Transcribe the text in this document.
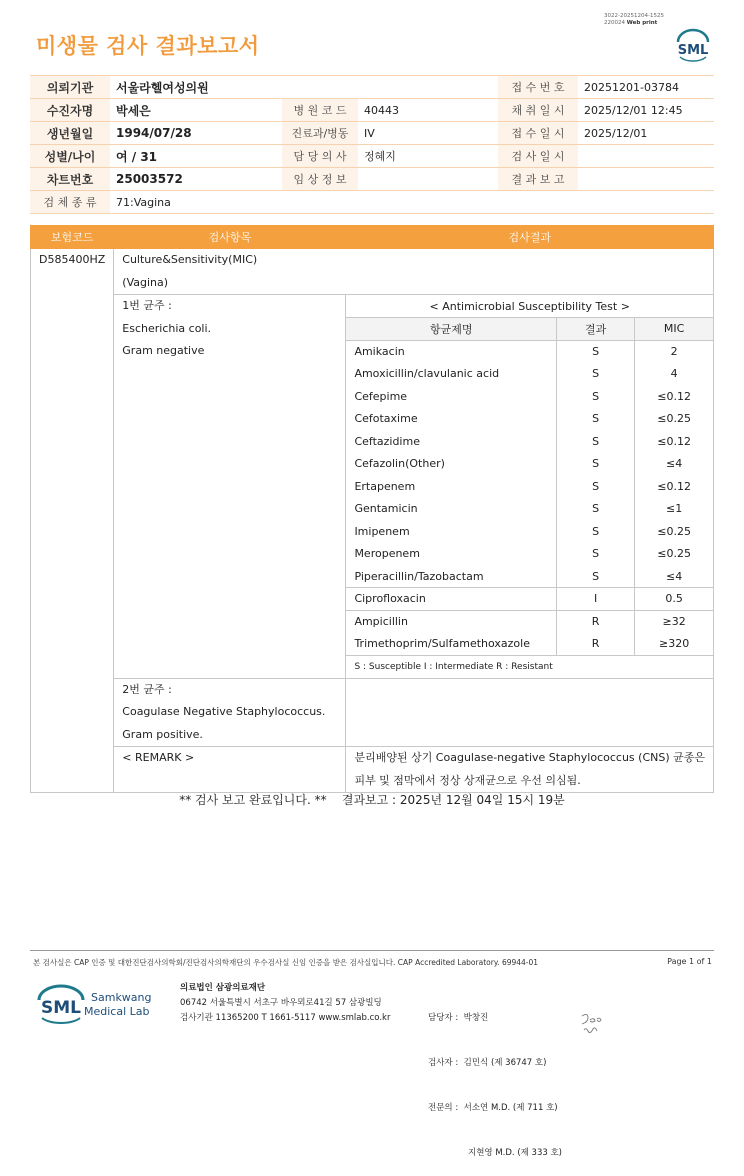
미생물 검사 결과보고서
3022-20251204-1525
220024 Web print
SML
의뢰기관	서울라헬여성의원			접 수 번 호	20251201-03784
수진자명	박세은	병 원 코 드	40443	채 취 일 시	2025/12/01 12:45
생년월일	1994/07/28	진료과/병동	IV	접 수 일 시	2025/12/01
성별/나이	여 / 31	담 당 의 사	정혜지	검 사 일 시	
차트번호	25003572	임 상 정 보		결 과 보 고	
검 체 종 류	71:Vagina				
보험코드	검사항목	검사결과

D585400HZ	Culture&Sensitivity(MIC)
(Vagina)

1번 균주 :
Escherichia coli.
Gram negative

< Antimicrobial Susceptibility Test >
항균제명	결과	MIC
Amikacin	S	2
Amoxicillin/clavulanic acid	S	4
Cefepime	S	≤0.12
Cefotaxime	S	≤0.25
Ceftazidime	S	≤0.12
Cefazolin(Other)	S	≤4
Ertapenem	S	≤0.12
Gentamicin	S	≤1
Imipenem	S	≤0.25
Meropenem	S	≤0.25
Piperacillin/Tazobactam	S	≤4
Ciprofloxacin	I	0.5
Ampicillin	R	≥32
Trimethoprim/Sulfamethoxazole	R	≥320
S : Susceptible I : Intermediate R : Resistant

2번 균주 :
Coagulase Negative Staphylococcus.
Gram positive.

< REMARK >	분리배양된 상기 Coagulase-negative Staphylococcus (CNS) 균종은
피부 및 점막에서 정상 상재균으로 우선 의심됨.
** 검사 보고 완료입니다. **    결과보고 : 2025년 12월 04일 15시 19분
본 검사실은 CAP 인증 및 대한진단검사의학회/진단검사의학재단의 우수검사실 신임 인증을 받은 검사실입니다. CAP Accredited Laboratory. 69944-01	Page 1 of 1
SML
Samkwang
Medical Lab
의료법인 삼광의료재단
06742 서울특별시 서초구 바우뫼로41길 57 삼광빌딩
검사기관 11365200 T 1661-5117 www.smlab.co.kr

	담당자 :  박창진

검사자 :  김민식 (제 36747 호)

전문의 :  서소연 M.D. (제 711 호)

지현영 M.D. (제 333 호)
